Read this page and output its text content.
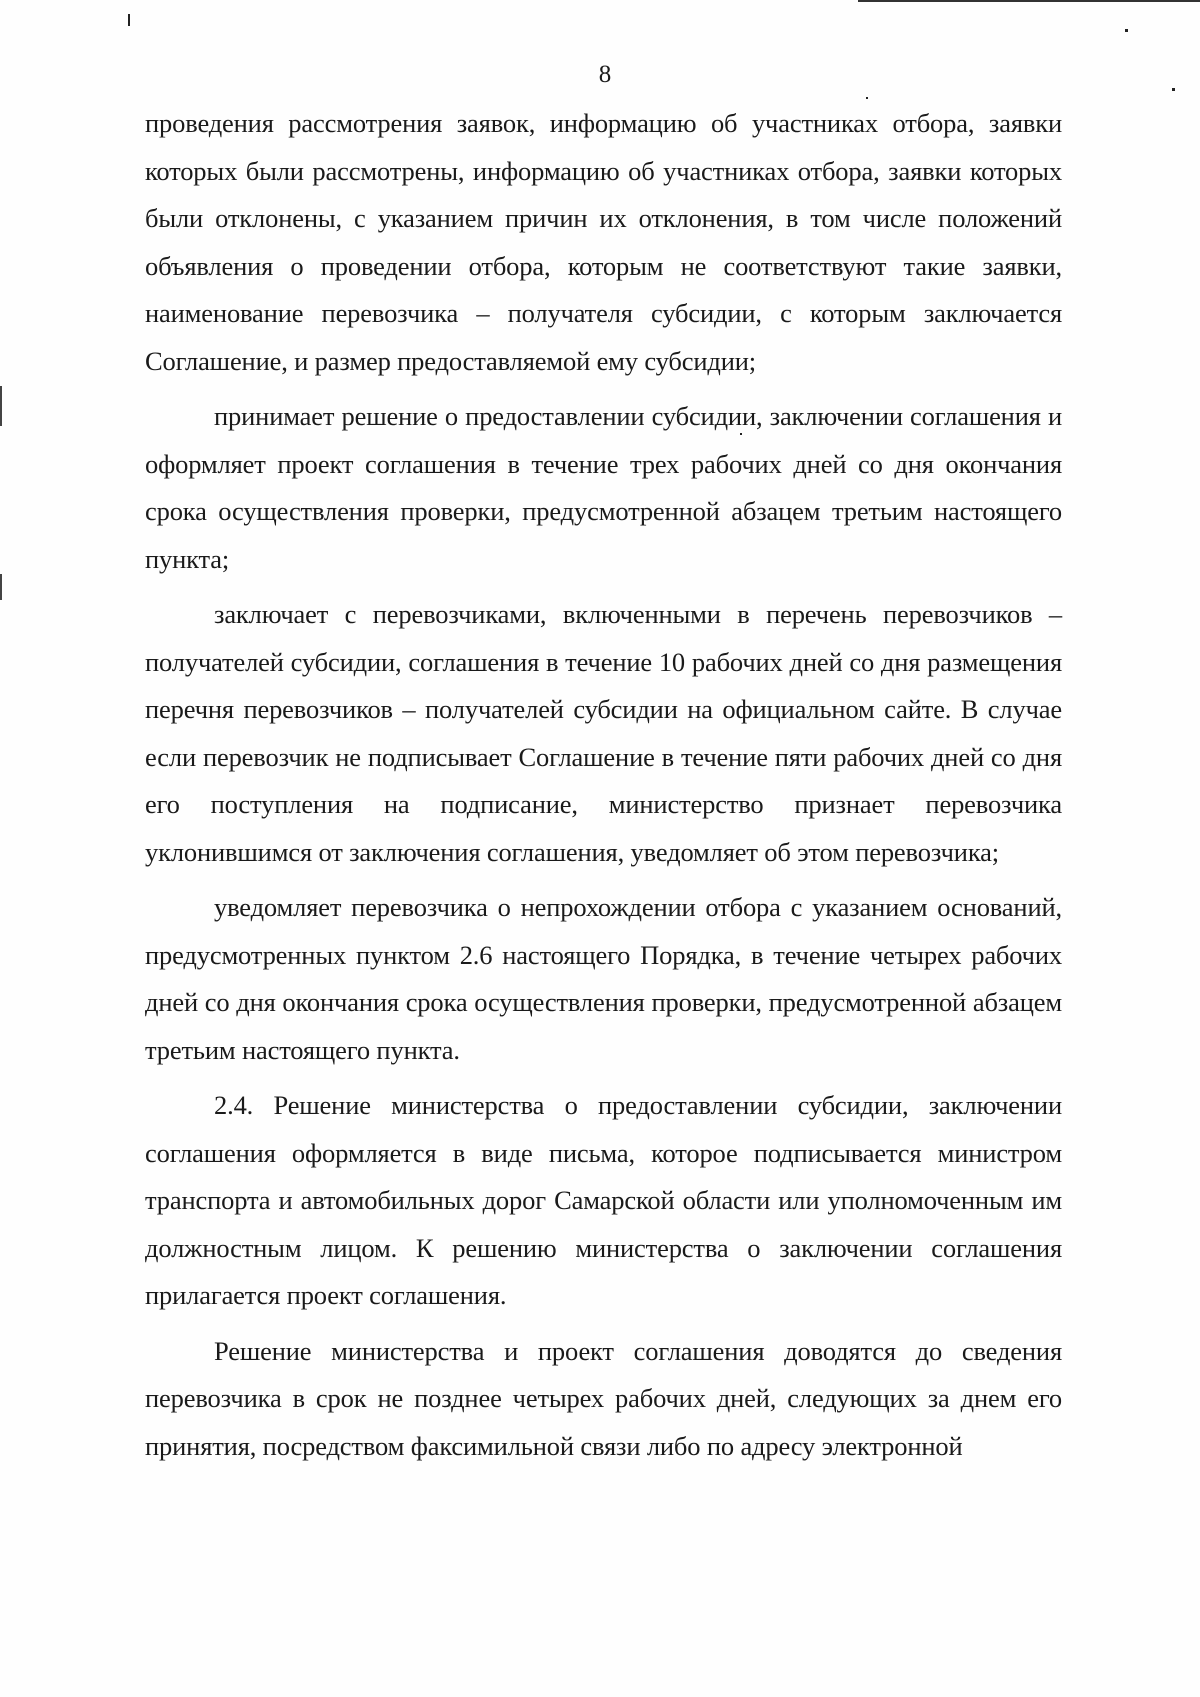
8

проведения рассмотрения заявок, информацию об участниках отбора, заявки которых были рассмотрены, информацию об участниках отбора, заявки которых были отклонены, с указанием причин их отклонения, в том числе положений объявления о проведении отбора, которым не соответствуют такие заявки, наименование перевозчика – получателя субсидии, с которым заключается Соглашение, и размер предоставляемой ему субсидии;

принимает решение о предоставлении субсидии, заключении соглашения и оформляет проект соглашения в течение трех рабочих дней со дня окончания срока осуществления проверки, предусмотренной абзацем третьим настоящего пункта;

заключает с перевозчиками, включенными в перечень перевозчиков – получателей субсидии, соглашения в течение 10 рабочих дней со дня размещения перечня перевозчиков – получателей субсидии на официальном сайте. В случае если перевозчик не подписывает Соглашение в течение пяти рабочих дней со дня его поступления на подписание, министерство признает перевозчика уклонившимся от заключения соглашения, уведомляет об этом перевозчика;

уведомляет перевозчика о непрохождении отбора с указанием оснований, предусмотренных пунктом 2.6 настоящего Порядка, в течение четырех рабочих дней со дня окончания срока осуществления проверки, предусмотренной абзацем третьим настоящего пункта.

2.4. Решение министерства о предоставлении субсидии, заключении соглашения оформляется в виде письма, которое подписывается министром транспорта и автомобильных дорог Самарской области или уполномоченным им должностным лицом. К решению министерства о заключении соглашения прилагается проект соглашения.

Решение министерства и проект соглашения доводятся до сведения перевозчика в срок не позднее четырех рабочих дней, следующих за днем его принятия, посредством факсимильной связи либо по адресу электронной
